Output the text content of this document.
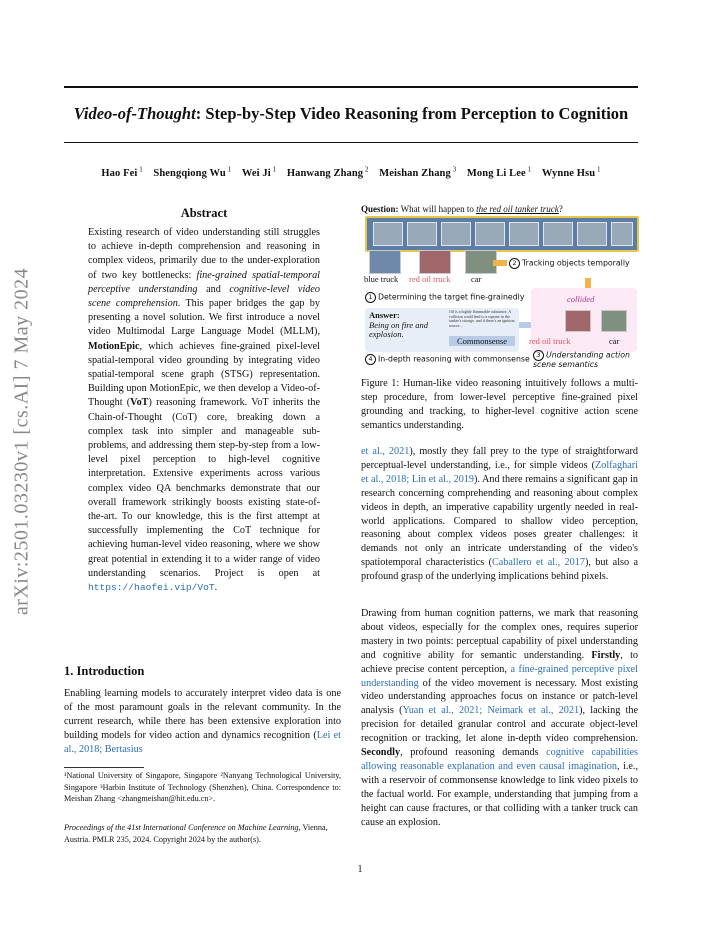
Video-of-Thought: Step-by-Step Video Reasoning from Perception to Cognition
Hao Fei $^1$  Shengqiong Wu $^1$  Wei Ji $^1$  Hanwang Zhang $^2$  Meishan Zhang $^3$  Mong Li Lee $^1$  Wynne Hsu $^1$
arXiv:2501.03230v1 [cs.AI] 7 May 2024
Abstract
Existing research of video understanding still struggles to achieve in-depth comprehension and reasoning in complex videos, primarily due to the under-exploration of two key bottlenecks: fine-grained spatial-temporal perceptive understanding and cognitive-level video scene comprehension. This paper bridges the gap by presenting a novel solution. We first introduce a novel video Multimodal Large Language Model (MLLM), MotionEpic, which achieves fine-grained pixel-level spatial-temporal video grounding by integrating video spatial-temporal scene graph (STSG) representation. Building upon MotionEpic, we then develop a Video-of-Thought (VoT) reasoning framework. VoT inherits the Chain-of-Thought (CoT) core, breaking down a complex task into simpler and manageable sub-problems, and addressing them step-by-step from a low-level pixel perception to high-level cognitive interpretation. Extensive experiments across various complex video QA benchmarks demonstrate that our overall framework strikingly boosts existing state-of-the-art. To our knowledge, this is the first attempt at successfully implementing the CoT technique for achieving human-level video reasoning, where we show great potential in extending it to a wider range of video understanding scenarios. Project is open at https://haofei.vip/VoT.
1. Introduction
Enabling learning models to accurately interpret video data is one of the most paramount goals in the relevant community. In the current research, while there has been extensive exploration into building models for video action and dynamics recognition (Lei et al., 2018; Bertasius
¹National University of Singapore, Singapore ²Nanyang Technological University, Singapore ³Harbin Institute of Technology (Shenzhen), China. Correspondence to: Meishan Zhang <zhangmeishan@hit.edu.cn>.
Proceedings of the 41st International Conference on Machine Learning, Vienna, Austria. PMLR 235, 2024. Copyright 2024 by the author(s).
1
Question: What will happen to the red oil tanker truck?
blue truck red oil truck car
2 Tracking objects temporally
1 Determining the target fine-grainedly	collided
red oil truck	car
Answer:
Being on fire and explosion.
Oil is a highly flammable substance. A collision could lead to a rupture in the tanker's storage, and if there's an ignition source...
Commonsense
4 In-depth reasoning with commonsense	3 Understanding action scene semantics
Figure 1: Human-like video reasoning intuitively follows a multi-step procedure, from lower-level perceptive fine-grained pixel grounding and tracking, to higher-level cognitive action scene semantics understanding.
et al., 2021), mostly they fall prey to the type of straightforward perceptual-level understanding, i.e., for simple videos (Zolfaghari et al., 2018; Lin et al., 2019). And there remains a significant gap in research concerning comprehending and reasoning about complex videos in depth, an imperative capability urgently needed in real-world applications. Compared to shallow video perception, reasoning about complex videos poses greater challenges: it demands not only an intricate understanding of the video's spatiotemporal characteristics (Caballero et al., 2017), but also a profound grasp of the underlying implications behind pixels.
Drawing from human cognition patterns, we mark that reasoning about videos, especially for the complex ones, requires superior mastery in two points: perceptual capability of pixel understanding and cognitive ability for semantic understanding. Firstly, to achieve precise content perception, a fine-grained perceptive pixel understanding of the video movement is necessary. Most existing video understanding approaches focus on instance or patch-level analysis (Yuan et al., 2021; Neimark et al., 2021), lacking the precision for detailed granular control and accurate object-level recognition or tracking, let alone in-depth video comprehension. Secondly, profound reasoning demands cognitive capabilities allowing reasonable explanation and even causal imagination, i.e., with a reservoir of commonsense knowledge to link video pixels to the factual world. For example, understanding that jumping from a height can cause fractures, or that colliding with a tanker truck can cause an explosion.
